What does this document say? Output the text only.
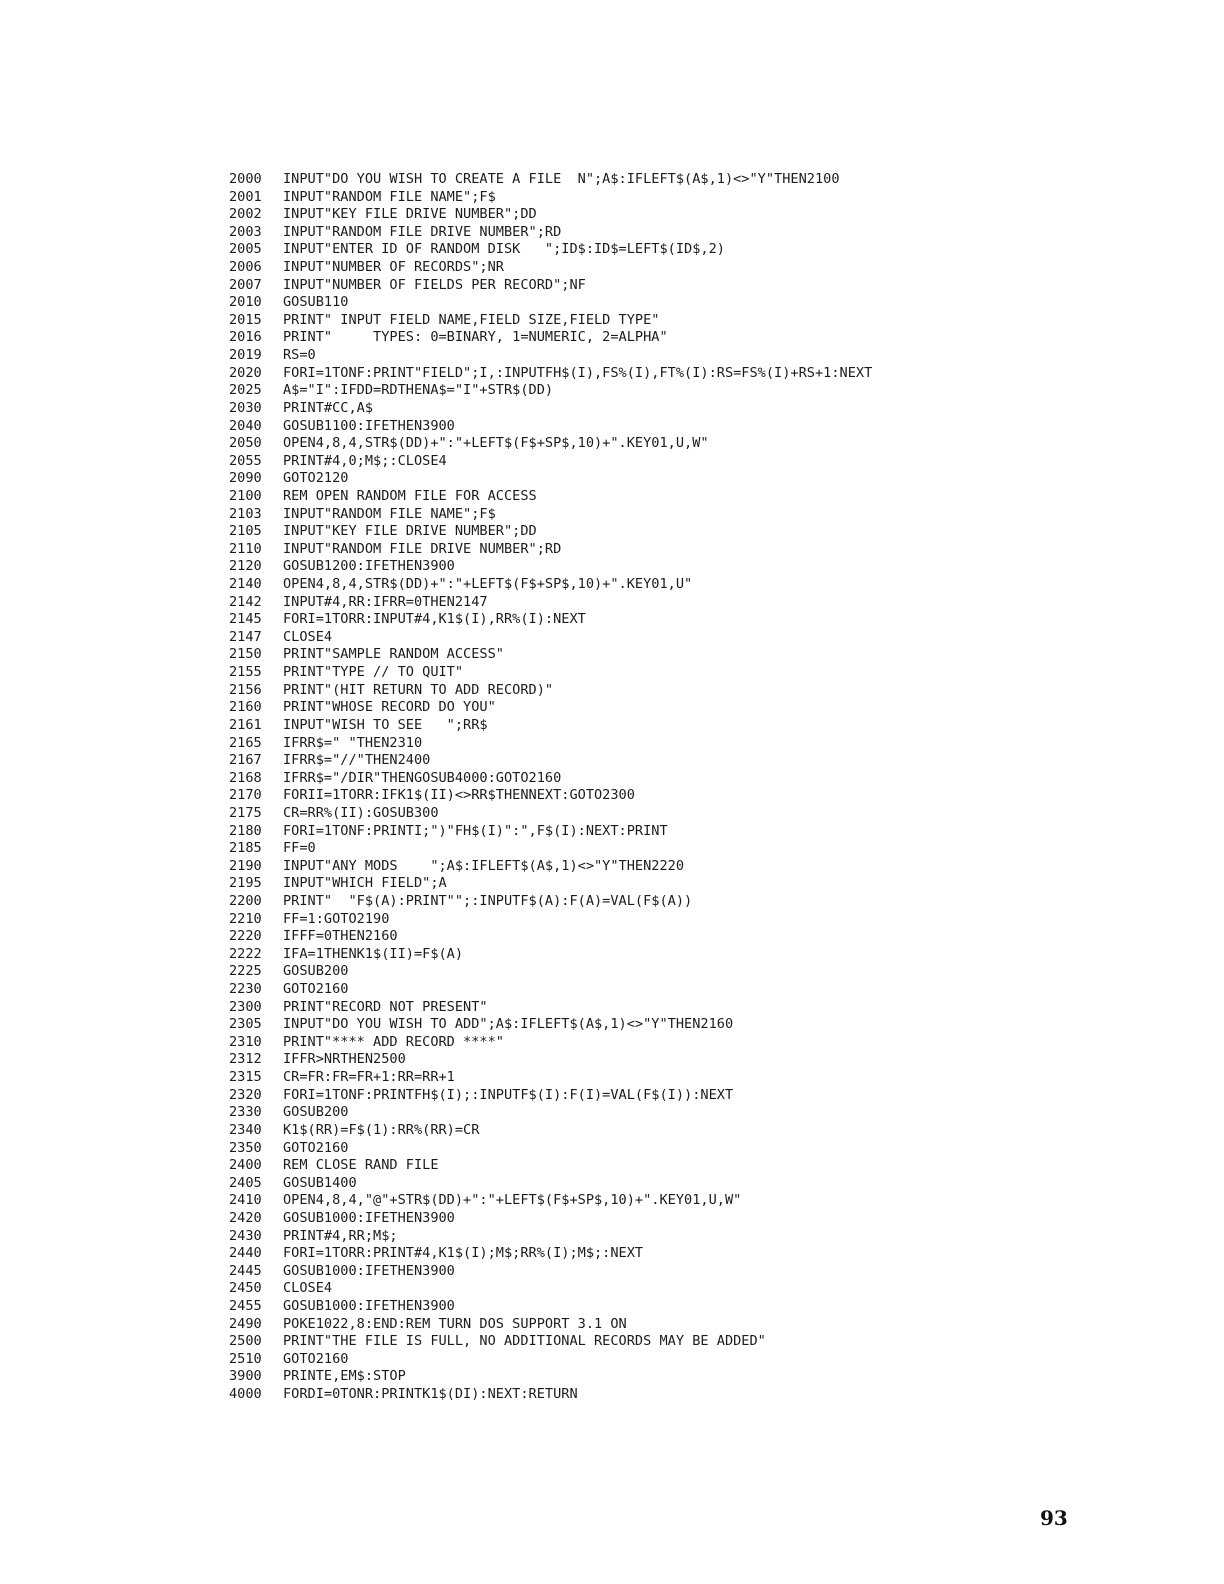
2000 INPUT"DO YOU WISH TO CREATE A FILE  N";A$:IFLEFT$(A$,1)<>"Y"THEN2100
2001 INPUT"RANDOM FILE NAME";F$
2002 INPUT"KEY FILE DRIVE NUMBER";DD
2003 INPUT"RANDOM FILE DRIVE NUMBER";RD
2005 INPUT"ENTER ID OF RANDOM DISK   ";ID$:ID$=LEFT$(ID$,2)
2006 INPUT"NUMBER OF RECORDS";NR
2007 INPUT"NUMBER OF FIELDS PER RECORD";NF
2010 GOSUB110
2015 PRINT" INPUT FIELD NAME,FIELD SIZE,FIELD TYPE"
2016 PRINT"     TYPES: 0=BINARY, 1=NUMERIC, 2=ALPHA"
2019 RS=0
2020 FORI=1TONF:PRINT"FIELD";I,:INPUTFH$(I),FS%(I),FT%(I):RS=FS%(I)+RS+1:NEXT
2025 A$="I":IFDD=RDTHENA$="I"+STR$(DD)
2030 PRINT#CC,A$
2040 GOSUB1100:IFETHEN3900
2050 OPEN4,8,4,STR$(DD)+":"+LEFT$(F$+SP$,10)+".KEY01,U,W"
2055 PRINT#4,0;M$;:CLOSE4
2090 GOTO2120
2100 REM OPEN RANDOM FILE FOR ACCESS
2103 INPUT"RANDOM FILE NAME";F$
2105 INPUT"KEY FILE DRIVE NUMBER";DD
2110 INPUT"RANDOM FILE DRIVE NUMBER";RD
2120 GOSUB1200:IFETHEN3900
2140 OPEN4,8,4,STR$(DD)+":"+LEFT$(F$+SP$,10)+".KEY01,U"
2142 INPUT#4,RR:IFRR=0THEN2147
2145 FORI=1TORR:INPUT#4,K1$(I),RR%(I):NEXT
2147 CLOSE4
2150 PRINT"SAMPLE RANDOM ACCESS"
2155 PRINT"TYPE // TO QUIT"
2156 PRINT"(HIT RETURN TO ADD RECORD)"
2160 PRINT"WHOSE RECORD DO YOU"
2161 INPUT"WISH TO SEE   ";RR$
2165 IFRR$=" "THEN2310
2167 IFRR$="//"THEN2400
2168 IFRR$="/DIR"THENGOSUB4000:GOTO2160
2170 FORII=1TORR:IFK1$(II)<>RR$THENNEXT:GOTO2300
2175 CR=RR%(II):GOSUB300
2180 FORI=1TONF:PRINTI;")"FH$(I)":",F$(I):NEXT:PRINT
2185 FF=0
2190 INPUT"ANY MODS    ";A$:IFLEFT$(A$,1)<>"Y"THEN2220
2195 INPUT"WHICH FIELD";A
2200 PRINT"  "F$(A):PRINT"";:INPUTF$(A):F(A)=VAL(F$(A))
2210 FF=1:GOTO2190
2220 IFFF=0THEN2160
2222 IFA=1THENK1$(II)=F$(A)
2225 GOSUB200
2230 GOTO2160
2300 PRINT"RECORD NOT PRESENT"
2305 INPUT"DO YOU WISH TO ADD";A$:IFLEFT$(A$,1)<>"Y"THEN2160
2310 PRINT"**** ADD RECORD ****"
2312 IFFR>NRTHEN2500
2315 CR=FR:FR=FR+1:RR=RR+1
2320 FORI=1TONF:PRINTFH$(I);:INPUTF$(I):F(I)=VAL(F$(I)):NEXT
2330 GOSUB200
2340 K1$(RR)=F$(1):RR%(RR)=CR
2350 GOTO2160
2400 REM CLOSE RAND FILE
2405 GOSUB1400
2410 OPEN4,8,4,"@"+STR$(DD)+":"+LEFT$(F$+SP$,10)+".KEY01,U,W"
2420 GOSUB1000:IFETHEN3900
2430 PRINT#4,RR;M$;
2440 FORI=1TORR:PRINT#4,K1$(I);M$;RR%(I);M$;:NEXT
2445 GOSUB1000:IFETHEN3900
2450 CLOSE4
2455 GOSUB1000:IFETHEN3900
2490 POKE1022,8:END:REM TURN DOS SUPPORT 3.1 ON
2500 PRINT"THE FILE IS FULL, NO ADDITIONAL RECORDS MAY BE ADDED"
2510 GOTO2160
3900 PRINTE,EM$:STOP
4000 FORDI=0TONR:PRINTK1$(DI):NEXT:RETURN
93
